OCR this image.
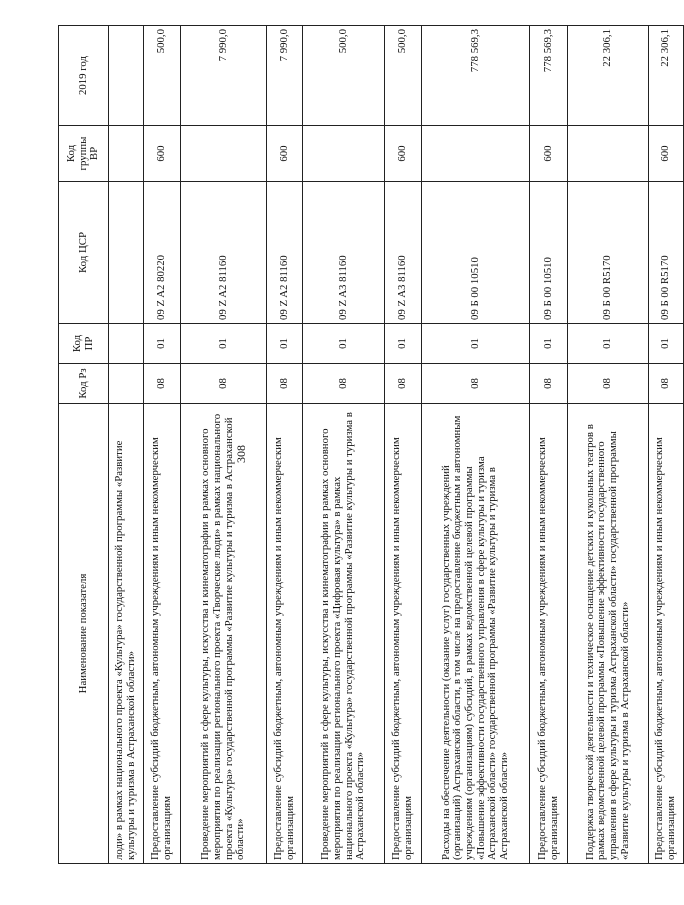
308
Наименование показателя	Код Рз	Код ПР	Код ЦСР	Код группы ВР	2019 год
лоди» в рамках национального проекта «Культура» государственной программы «Развитие культуры и туризма в Астраханской области»					
Предоставление субсидий бюджетным, автономным учреждениям и иным некоммерческим организациям	08	01	09 Z A2 80220	600	500,0
Проведение мероприятий в сфере культуры, искусства и кинематографии в рамках основного мероприятия по реализации регионального проекта «Творческие люди» в рамках национального проекта «Культура» государственной программы «Развитие культуры и туризма в Астраханской области»	08	01	09 Z A2 81160		7 990,0
Предоставление субсидий бюджетным, автономным учреждениям и иным некоммерческим организациям	08	01	09 Z A2 81160	600	7 990,0
Проведение мероприятий в сфере культуры, искусства и кинематографии в рамках основного мероприятия по реализации регионального проекта «Цифровая культура» в рамках национального проекта «Культура» государственной программы «Развитие культуры и туризма в Астраханской области»	08	01	09 Z A3 81160		500,0
Предоставление субсидий бюджетным, автономным учреждениям и иным некоммерческим организациям	08	01	09 Z A3 81160	600	500,0
Расходы на обеспечение деятельности (оказание услуг) государственных учреждений (организаций) Астраханской области, в том числе на предоставление бюджетным и автономным учреждениям (организациям) субсидий, в рамках ведомственной целевой программы «Повышение эффективности государственного управления в сфере культуры и туризма Астраханской области» государственной программы «Развитие культуры и туризма в Астраханской области»	08	01	09 Б 00 10510		778 569,3
Предоставление субсидий бюджетным, автономным учреждениям и иным некоммерческим организациям	08	01	09 Б 00 10510	600	778 569,3
Поддержка творческой деятельности и техническое оснащение детских и кукольных театров в рамках ведомственной целевой программы «Повышение эффективности государственного управления в сфере культуры и туризма Астраханской области» государственной программы «Развитие культуры и туризма в Астраханской области»	08	01	09 Б 00 R5170		22 306,1
Предоставление субсидий бюджетным, автономным учреждениям и иным некоммерческим организациям	08	01	09 Б 00 R5170	600	22 306,1
